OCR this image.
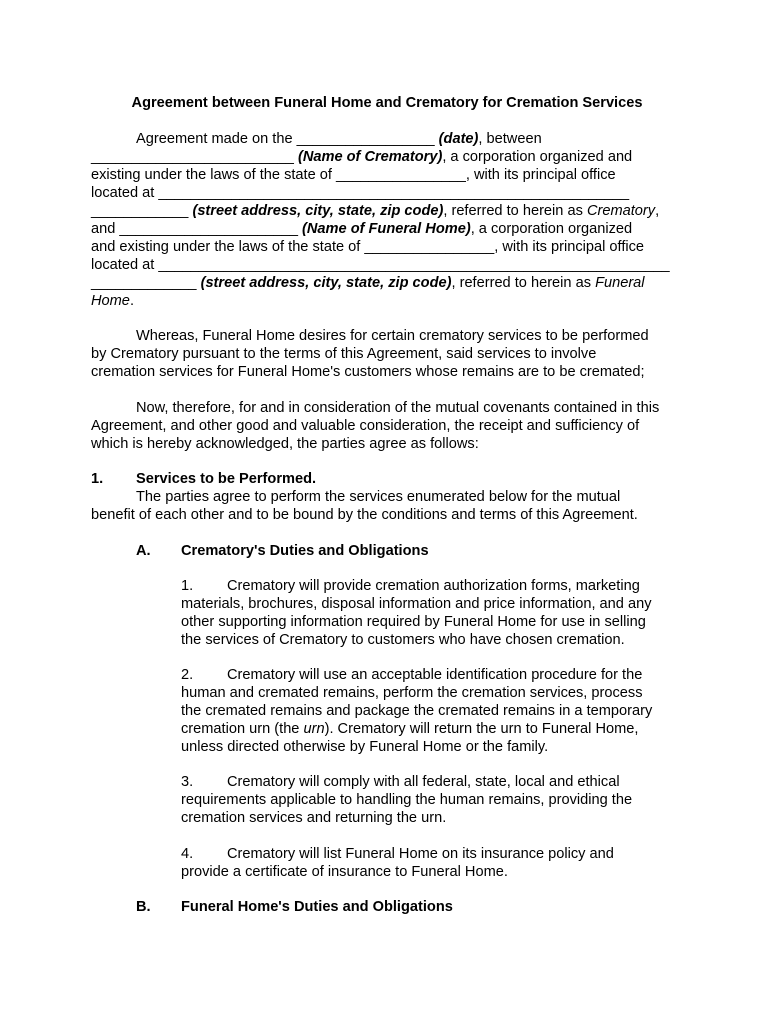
Agreement between Funeral Home and Crematory for Cremation Services
Agreement made on the _________________ (date), between
_________________________ (Name of Crematory), a corporation organized and
existing under the laws of the state of ________________, with its principal office
located at __________________________________________________________
____________ (street address, city, state, zip code), referred to herein as Crematory,
and ______________________ (Name of Funeral Home), a corporation organized
and existing under the laws of the state of ________________, with its principal office
located at _______________________________________________________________
_____________ (street address, city, state, zip code), referred to herein as Funeral
Home.
Whereas, Funeral Home desires for certain crematory services to be performed
by Crematory pursuant to the terms of this Agreement, said services to involve
cremation services for Funeral Home's customers whose remains are to be cremated;
Now, therefore, for and in consideration of the mutual covenants contained in this
Agreement, and other good and valuable consideration, the receipt and sufficiency of
which is hereby acknowledged, the parties agree as follows:
1. Services to be Performed.
The parties agree to perform the services enumerated below for the mutual
benefit of each other and to be bound by the conditions and terms of this Agreement.
A. Crematory's Duties and Obligations
1. Crematory will provide cremation authorization forms, marketing
materials, brochures, disposal information and price information, and any
other supporting information required by Funeral Home for use in selling
the services of Crematory to customers who have chosen cremation.
2. Crematory will use an acceptable identification procedure for the
human and cremated remains, perform the cremation services, process
the cremated remains and package the cremated remains in a temporary
cremation urn (the urn). Crematory will return the urn to Funeral Home,
unless directed otherwise by Funeral Home or the family.
3. Crematory will comply with all federal, state, local and ethical
requirements applicable to handling the human remains, providing the
cremation services and returning the urn.
4. Crematory will list Funeral Home on its insurance policy and
provide a certificate of insurance to Funeral Home.
B. Funeral Home's Duties and Obligations
